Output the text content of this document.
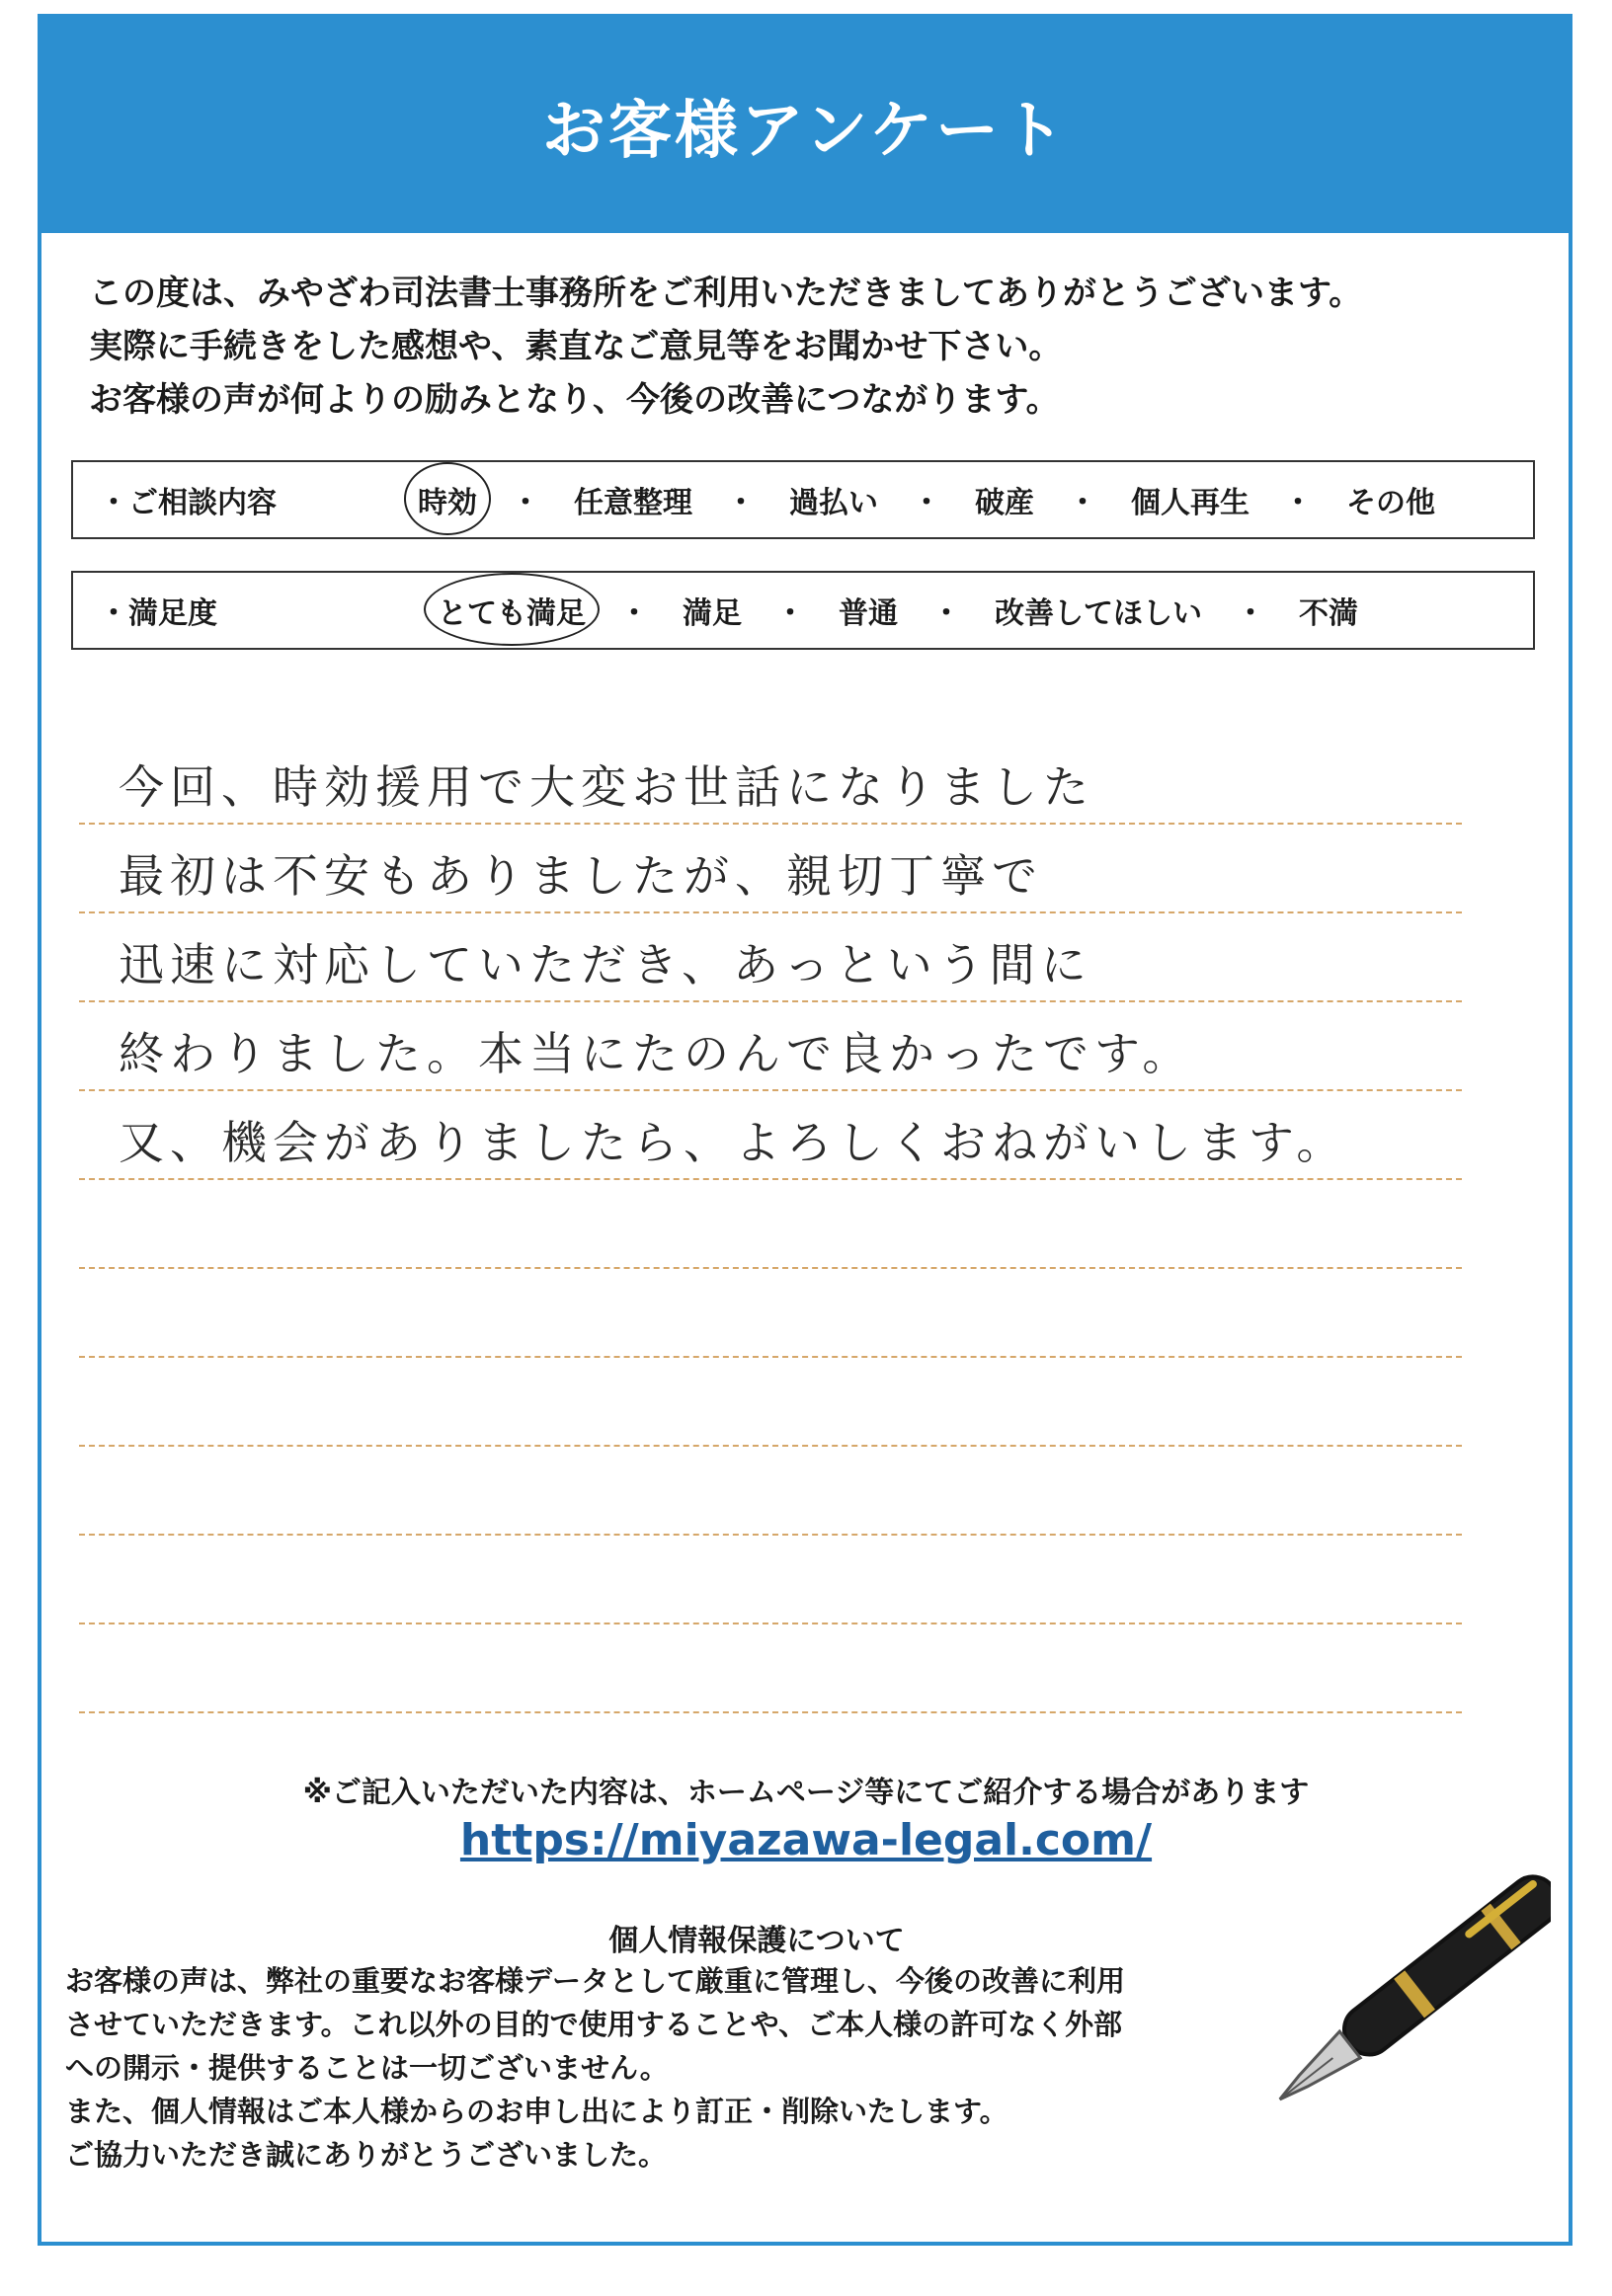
お客様アンケート
この度は、みやざわ司法書士事務所をご利用いただきましてありがとうございます。
実際に手続きをした感想や、素直なご意見等をお聞かせ下さい。
お客様の声が何よりの励みとなり、今後の改善につながります。
・ご相談内容	時効	・	任意整理	・	過払い	・	破産	・	個人再生	・	その他
・満足度	とても満足	・	満足	・	普通	・	改善してほしい	・	不満
今回、時効援用で大変お世話になりました
最初は不安もありましたが、親切丁寧で
迅速に対応していただき、あっという間に
終わりました。本当にたのんで良かったです。
又、機会がありましたら、よろしくおねがいします。
※ご記入いただいた内容は、ホームページ等にてご紹介する場合があります
https://miyazawa-legal.com/
個人情報保護について
お客様の声は、弊社の重要なお客様データとして厳重に管理し、今後の改善に利用
させていただきます。これ以外の目的で使用することや、ご本人様の許可なく外部
への開示・提供することは一切ございません。
また、個人情報はご本人様からのお申し出により訂正・削除いたします。
ご協力いただき誠にありがとうございました。
